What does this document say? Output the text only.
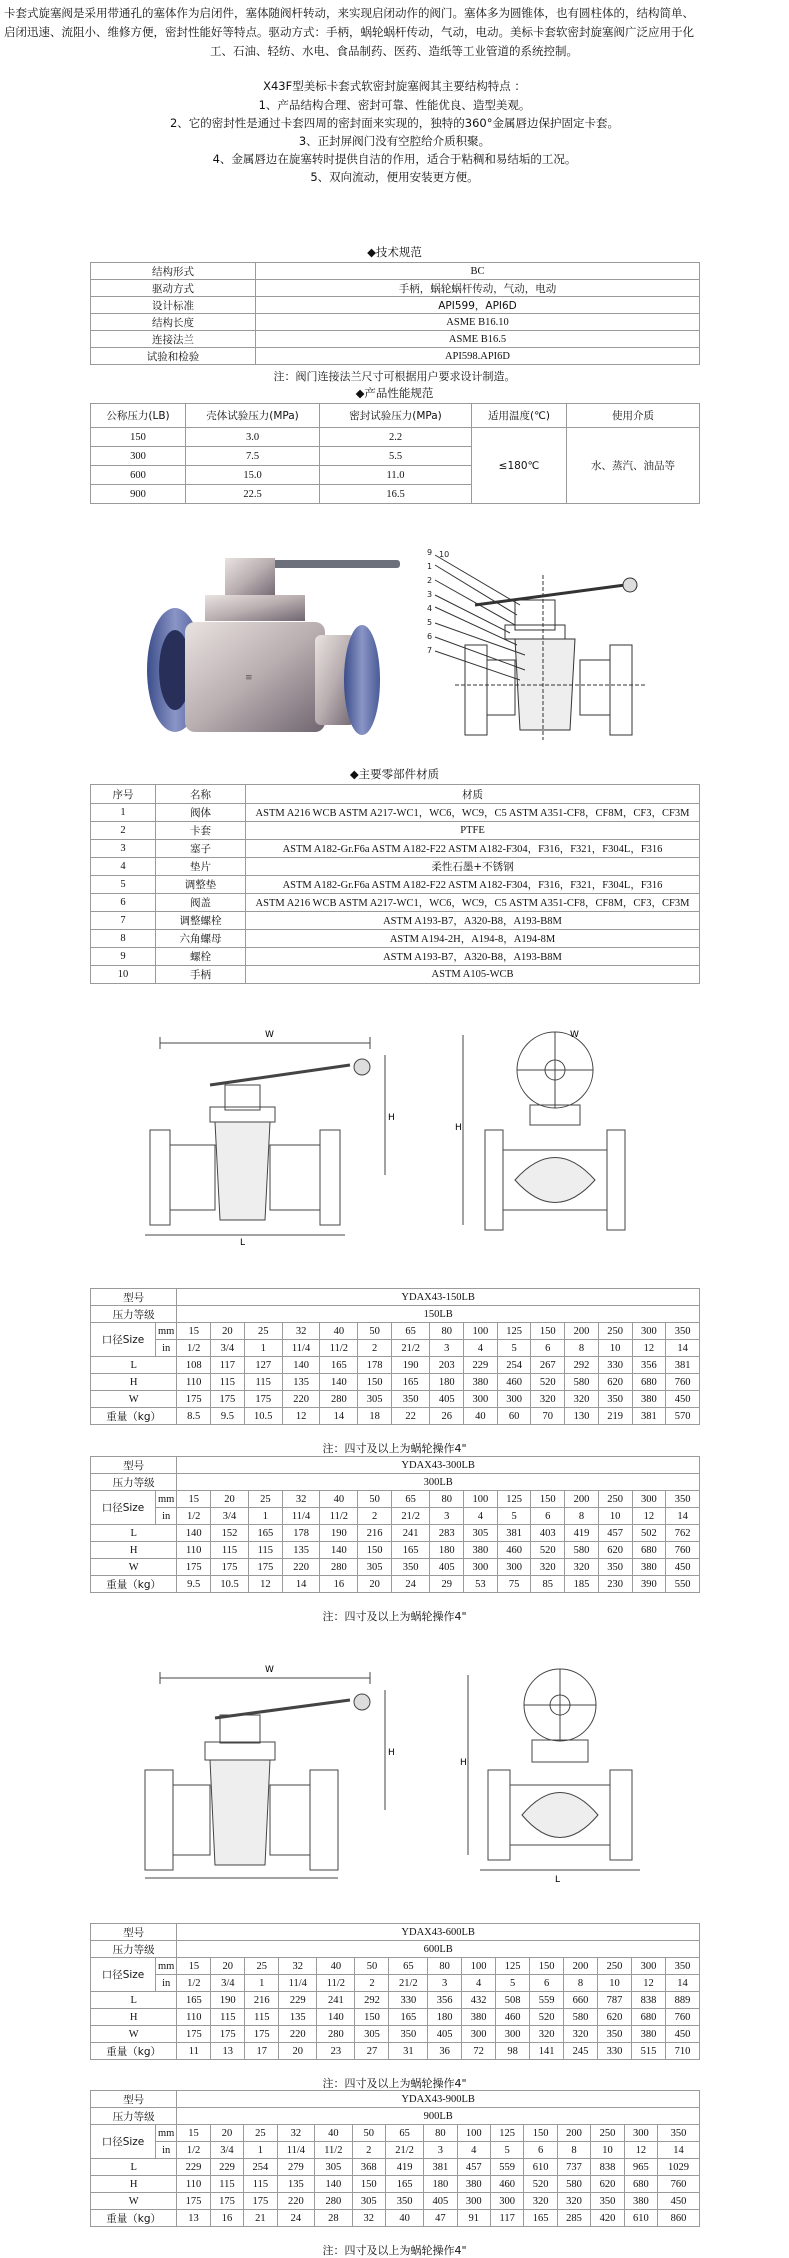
卡套式旋塞阀是采用带通孔的塞体作为启闭件，塞体随阀杆转动，来实现启闭动作的阀门。塞体多为圆锥体，也有圆柱体的，结构简单、
启闭迅速、流阻小、维修方便，密封性能好等特点。驱动方式：手柄，蜗轮蜗杆传动，气动，电动。美标卡套软密封旋塞阀广泛应用于化
工、石油、轻纺、水电、食品制药、医药、造纸等工业管道的系统控制。
X43F型美标卡套式软密封旋塞阀其主要结构特点 ：
1、产品结构合理、密封可靠、性能优良、造型美观。
2、它的密封性是通过卡套四周的密封面来实现的，独特的360°金属唇边保护固定卡套。
3、正封屏阀门没有空腔给介质积聚。
4、金属唇边在旋塞转时提供自洁的作用，适合于粘稠和易结垢的工况。
5、双向流动，便用安装更方便。
◆技术规范
结构形式	BC
驱动方式	手柄，蜗轮蜗杆传动，气动，电动
设计标准	API599，API6D
结构长度	ASME B16.10
连接法兰	ASME B16.5
试验和检验	API598.API6D
注：阀门连接法兰尺寸可根据用户要求设计制造。
◆产品性能规范
公称压力(LB)	壳体试验压力(MPa)	密封试验压力(MPa)	适用温度(℃)	使用介质
150	3.0	2.2	≤180℃	水、蒸汽、油品等
300	7.5	5.5		
600	15.0	11.0		
900	22.5	16.5		
≡
9 10
1
2
3
4
5
6
7
◆主要零部件材质
序号	名称	材质
1	阀体	ASTM A216 WCB ASTM A217-WC1，WC6，WC9，C5 ASTM A351-CF8，CF8M，CF3，CF3M
2	卡套	PTFE
3	塞子	ASTM A182-Gr.F6a ASTM A182-F22 ASTM A182-F304，F316，F321，F304L，F316
4	垫片	柔性石墨+不锈钢
5	调整垫	ASTM A182-Gr.F6a ASTM A182-F22 ASTM A182-F304，F316，F321，F304L，F316
6	阀盖	ASTM A216 WCB ASTM A217-WC1，WC6，WC9，C5 ASTM A351-CF8，CF8M，CF3，CF3M
7	调整螺栓	ASTM A193-B7，A320-B8，A193-B8M
8	六角螺母	ASTM A194-2H，A194-8，A194-8M
9	螺栓	ASTM A193-B7，A320-B8，A193-B8M
10	手柄	ASTM A105-WCB
W
H
L
W
H
型号		YDAX43-150LB														
压力等级		150LB														
口径Size	mm	15	20	25	32	40	50	65	80	100	125	150	200	250	300	350
	in	1/2	3/4	1	11/4	11/2	2	21/2	3	4	5	6	8	10	12	14
L		108	117	127	140	165	178	190	203	229	254	267	292	330	356	381
H		110	115	115	135	140	150	165	180	380	460	520	580	620	680	760
W		175	175	175	220	280	305	350	405	300	300	320	320	350	380	450
重量（kg）		8.5	9.5	10.5	12	14	18	22	26	40	60	70	130	219	381	570
注：四寸及以上为蜗轮操作4"
型号		YDAX43-300LB														
压力等级		300LB														
口径Size	mm	15	20	25	32	40	50	65	80	100	125	150	200	250	300	350
	in	1/2	3/4	1	11/4	11/2	2	21/2	3	4	5	6	8	10	12	14
L		140	152	165	178	190	216	241	283	305	381	403	419	457	502	762
H		110	115	115	135	140	150	165	180	380	460	520	580	620	680	760
W		175	175	175	220	280	305	350	405	300	300	320	320	350	380	450
重量（kg）		9.5	10.5	12	14	16	20	24	29	53	75	85	185	230	390	550
注：四寸及以上为蜗轮操作4"
W
H
H
L
型号		YDAX43-600LB														
压力等级		600LB														
口径Size	mm	15	20	25	32	40	50	65	80	100	125	150	200	250	300	350
	in	1/2	3/4	1	11/4	11/2	2	21/2	3	4	5	6	8	10	12	14
L		165	190	216	229	241	292	330	356	432	508	559	660	787	838	889
H		110	115	115	135	140	150	165	180	380	460	520	580	620	680	760
W		175	175	175	220	280	305	350	405	300	300	320	320	350	380	450
重量（kg）		11	13	17	20	23	27	31	36	72	98	141	245	330	515	710
注：四寸及以上为蜗轮操作4"
型号		YDAX43-900LB														
压力等级		900LB														
口径Size	mm	15	20	25	32	40	50	65	80	100	125	150	200	250	300	350
	in	1/2	3/4	1	11/4	11/2	2	21/2	3	4	5	6	8	10	12	14
L		229	229	254	279	305	368	419	381	457	559	610	737	838	965	1029
H		110	115	115	135	140	150	165	180	380	460	520	580	620	680	760
W		175	175	175	220	280	305	350	405	300	300	320	320	350	380	450
重量（kg）		13	16	21	24	28	32	40	47	91	117	165	285	420	610	860
注：四寸及以上为蜗轮操作4"
